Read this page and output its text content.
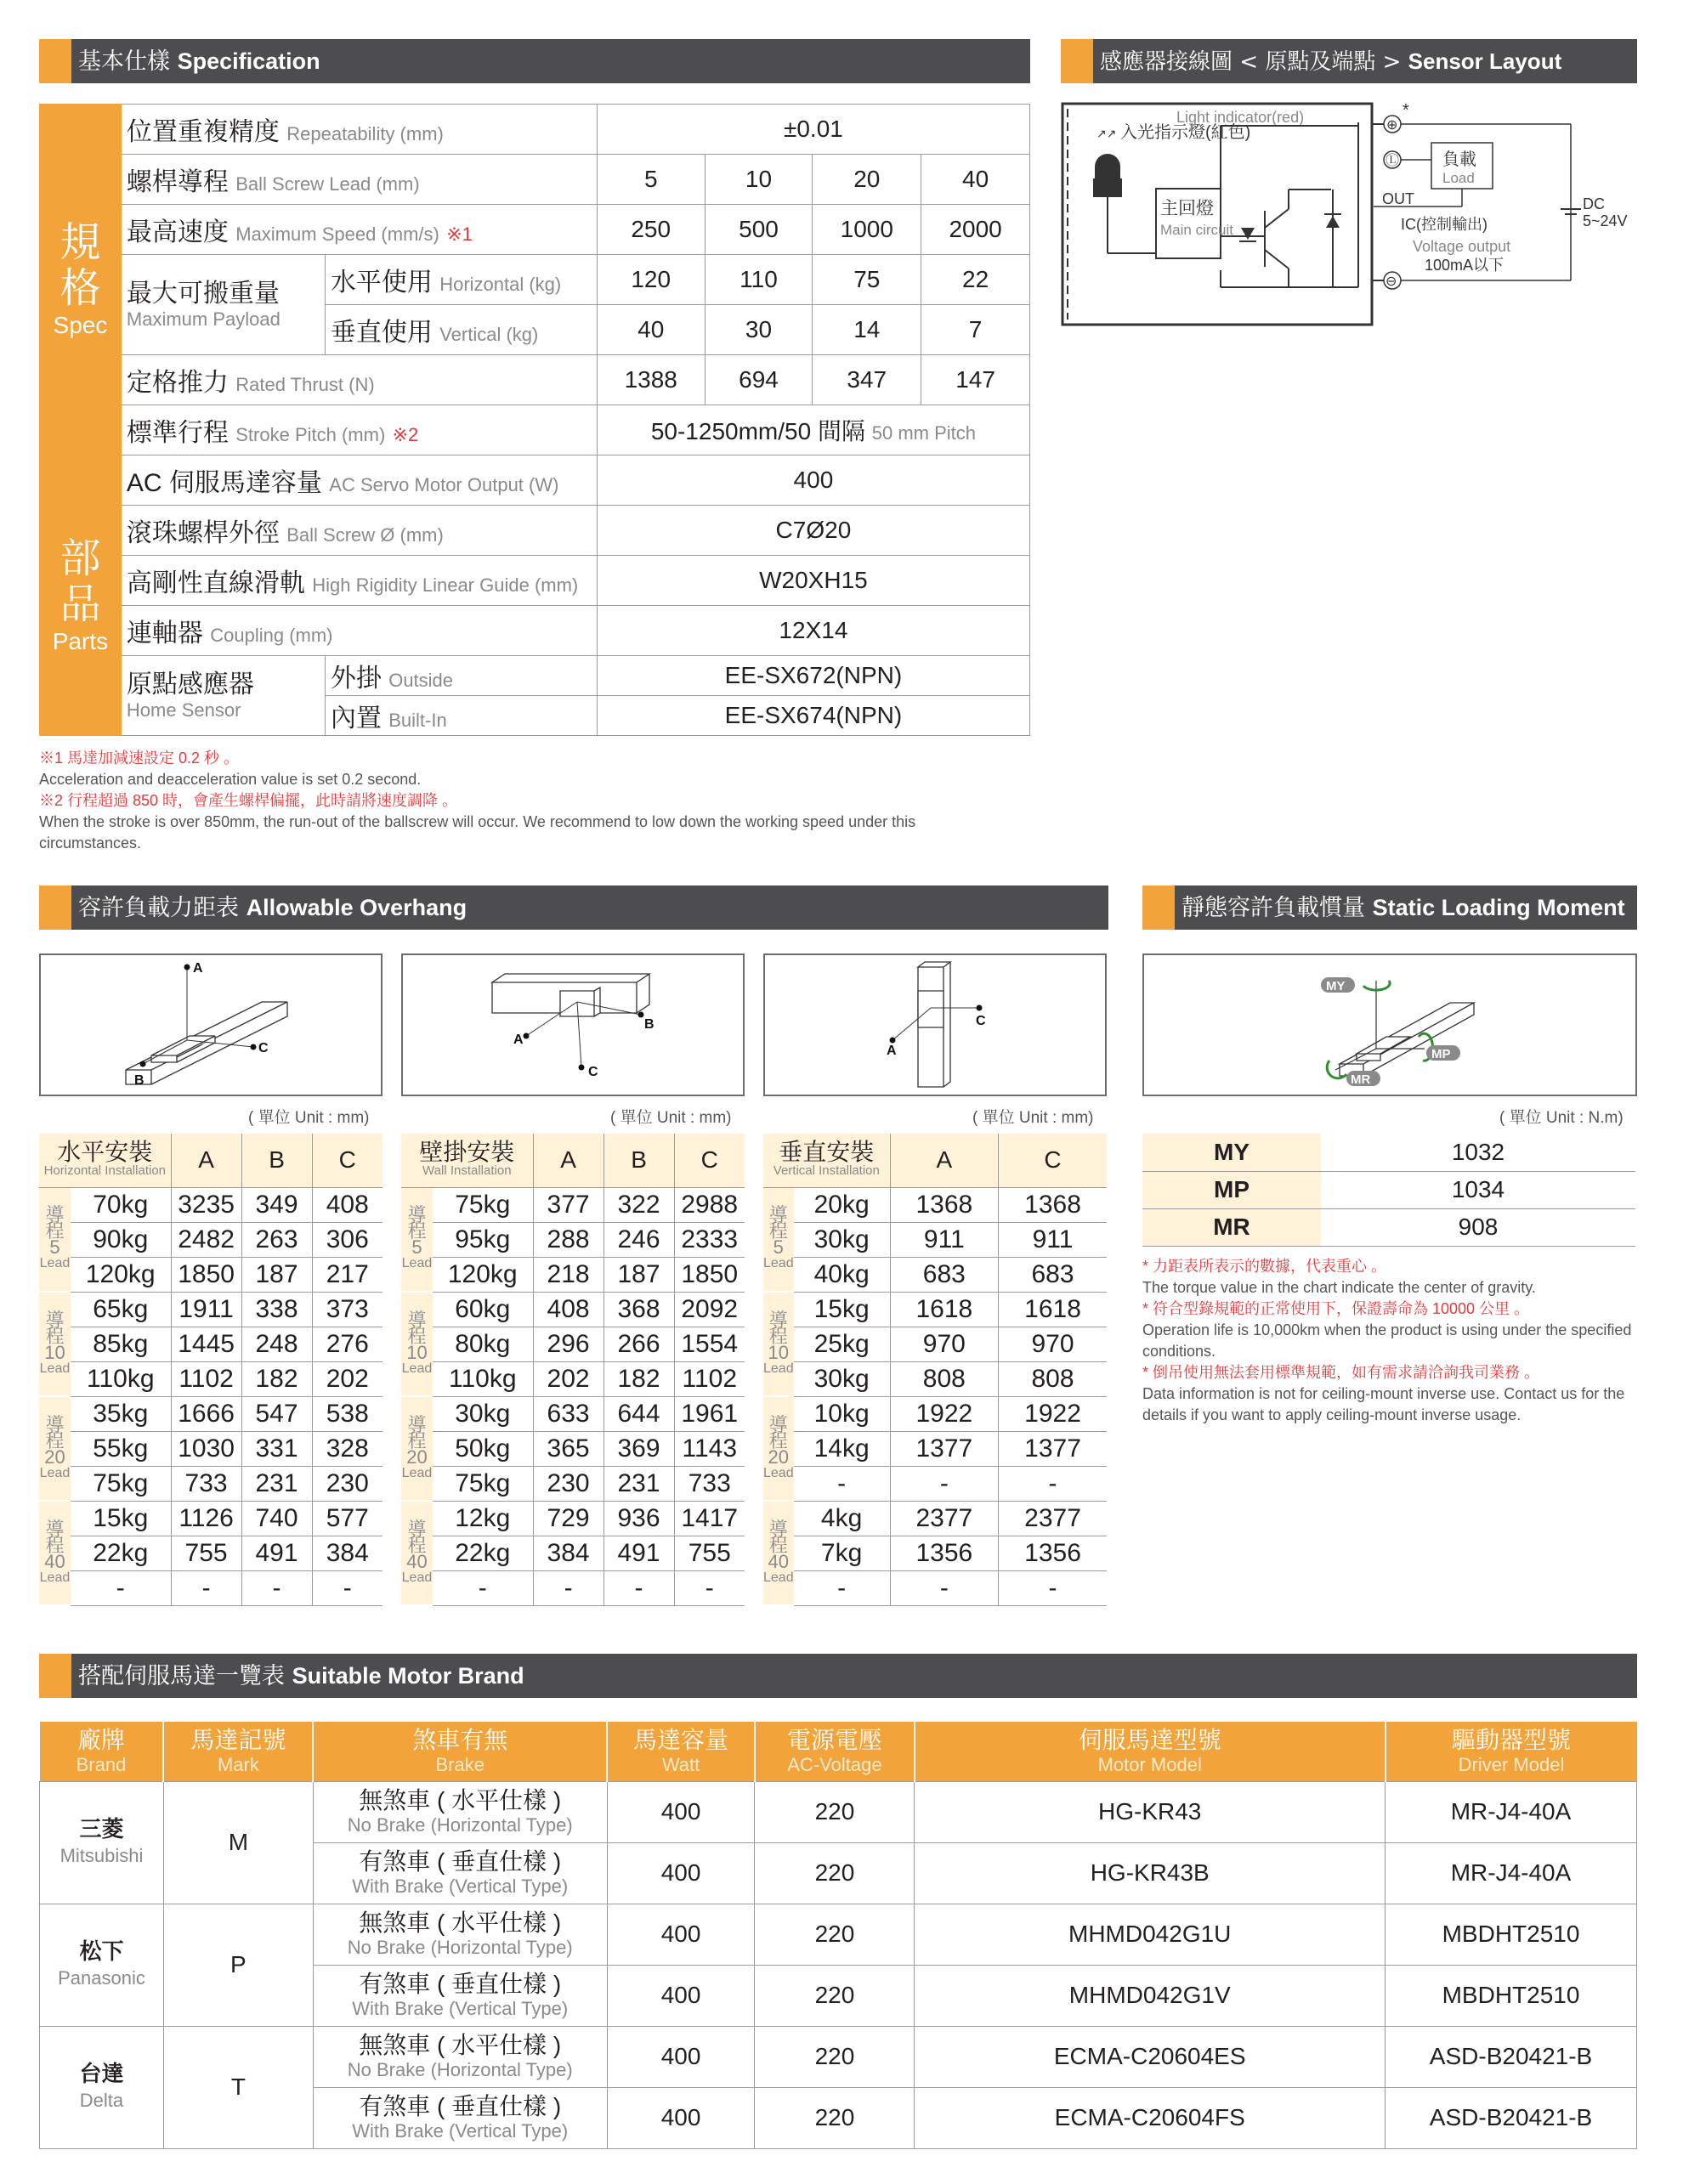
基本仕樣 Specification	感應器接線圖 < 原點及端點 > Sensor Layout
規
格
Spec	位置重複精度 Repeatability (mm)		±0.01			
	螺桿導程 Ball Screw Lead (mm)		5	10	20	40
	最高速度 Maximum Speed (mm/s) ※1		250	500	1000	2000
	最大可搬重量
Maximum Payload	水平使用 Horizontal (kg)	120	110	75	22
		垂直使用 Vertical (kg)	40	30	14	7
	定格推力 Rated Thrust (N)		1388	694	347	147
	標準行程 Stroke Pitch (mm) ※2		50-1250mm/50 間隔 50 mm Pitch			

部
品
Parts	AC 伺服馬達容量 AC Servo Motor Output (W)		400			
	滾珠螺桿外徑 Ball Screw Ø (mm)		C7Ø20			
	高剛性直線滑軌 High Rigidity Linear Guide (mm)		W20XH15			
	連軸器 Coupling (mm)		12X14			
	原點感應器
Home Sensor	外掛 Outside	EE-SX672(NPN)			
		內置 Built-In	EE-SX674(NPN)			
※1 馬達加減速設定 0.2 秒 。
Acceleration and deacceleration value is set 0.2 second.
※2 行程超過 850 時，會產生螺桿偏擺，此時請將速度調降 。
When the stroke is over 850mm, the run-out of the ballscrew will occur. We recommend to low down the working speed under this circumstances.
↗↗ 入光指示燈(紅色)
Light indicator(red)
主回燈
Main circuit
⊕
*
Ⓛ
⊖
負載
Load
OUT
IC(控制輸出)
Voltage output
100mA以下
DC
5~24V
容許負載力距表 Allowable Overhang	靜態容許負載慣量 Static Loading Moment
A
B
C
A
B
C
A
C
MY
MP
MR
( 單位 Unit : mm)	( 單位 Unit : mm)	( 單位 Unit : mm)	( 單位 Unit : N.m)
水平安裝
Horizontal Installation		A	B	C

導
程
5
Lead	70kg	3235	349	408
	90kg	2482	263	306
	120kg	1850	187	217

導
程
10
Lead	65kg	1911	338	373
	85kg	1445	248	276
	110kg	1102	182	202

導
程
20
Lead	35kg	1666	547	538
	55kg	1030	331	328
	75kg	733	231	230

導
程
40
Lead	15kg	1126	740	577
	22kg	755	491	384
	-	-	-	-
壁掛安裝
Wall Installation		A	B	C

導
程
5
Lead	75kg	377	322	2988
	95kg	288	246	2333
	120kg	218	187	1850

導
程
10
Lead	60kg	408	368	2092
	80kg	296	266	1554
	110kg	202	182	1102

導
程
20
Lead	30kg	633	644	1961
	50kg	365	369	1143
	75kg	230	231	733

導
程
40
Lead	12kg	729	936	1417
	22kg	384	491	755
	-	-	-	-
垂直安裝
Vertical Installation		A	C

導
程
5
Lead	20kg	1368	1368
	30kg	911	911
	40kg	683	683

導
程
10
Lead	15kg	1618	1618
	25kg	970	970
	30kg	808	808

導
程
20
Lead	10kg	1922	1922
	14kg	1377	1377
	-	-	-

導
程
40
Lead	4kg	2377	2377
	7kg	1356	1356
	-	-	-
MY	1032
MP	1034
MR	908
* 力距表所表示的數據，代表重心 。
The torque value in the chart indicate the center of gravity.
* 符合型錄規範的正常使用下，保證壽命為 10000 公里 。
Operation life is 10,000km when the product is using under the specified conditions.
* 倒吊使用無法套用標準規範，如有需求請洽詢我司業務 。
Data information is not for ceiling-mount inverse use. Contact us for the details if you want to apply ceiling-mount inverse usage.
搭配伺服馬達一覽表 Suitable Motor Brand
廠牌
Brand	馬達記號
Mark	煞車有無
Brake	馬達容量
Watt	電源電壓
AC-Voltage	伺服馬達型號
Motor Model	驅動器型號
Driver Model

三菱
Mitsubishi	M	無煞車 ( 水平仕樣 )
No Brake (Horizontal Type)	400	220	HG-KR43	MR-J4-40A
		有煞車 ( 垂直仕樣 )
With Brake (Vertical Type)	400	220	HG-KR43B	MR-J4-40A
松下
Panasonic	P	無煞車 ( 水平仕樣 )
No Brake (Horizontal Type)	400	220	MHMD042G1U	MBDHT2510
		有煞車 ( 垂直仕樣 )
With Brake (Vertical Type)	400	220	MHMD042G1V	MBDHT2510
台達
Delta	T	無煞車 ( 水平仕樣 )
No Brake (Horizontal Type)	400	220	ECMA-C20604ES	ASD-B20421-B
		有煞車 ( 垂直仕樣 )
With Brake (Vertical Type)	400	220	ECMA-C20604FS	ASD-B20421-B
